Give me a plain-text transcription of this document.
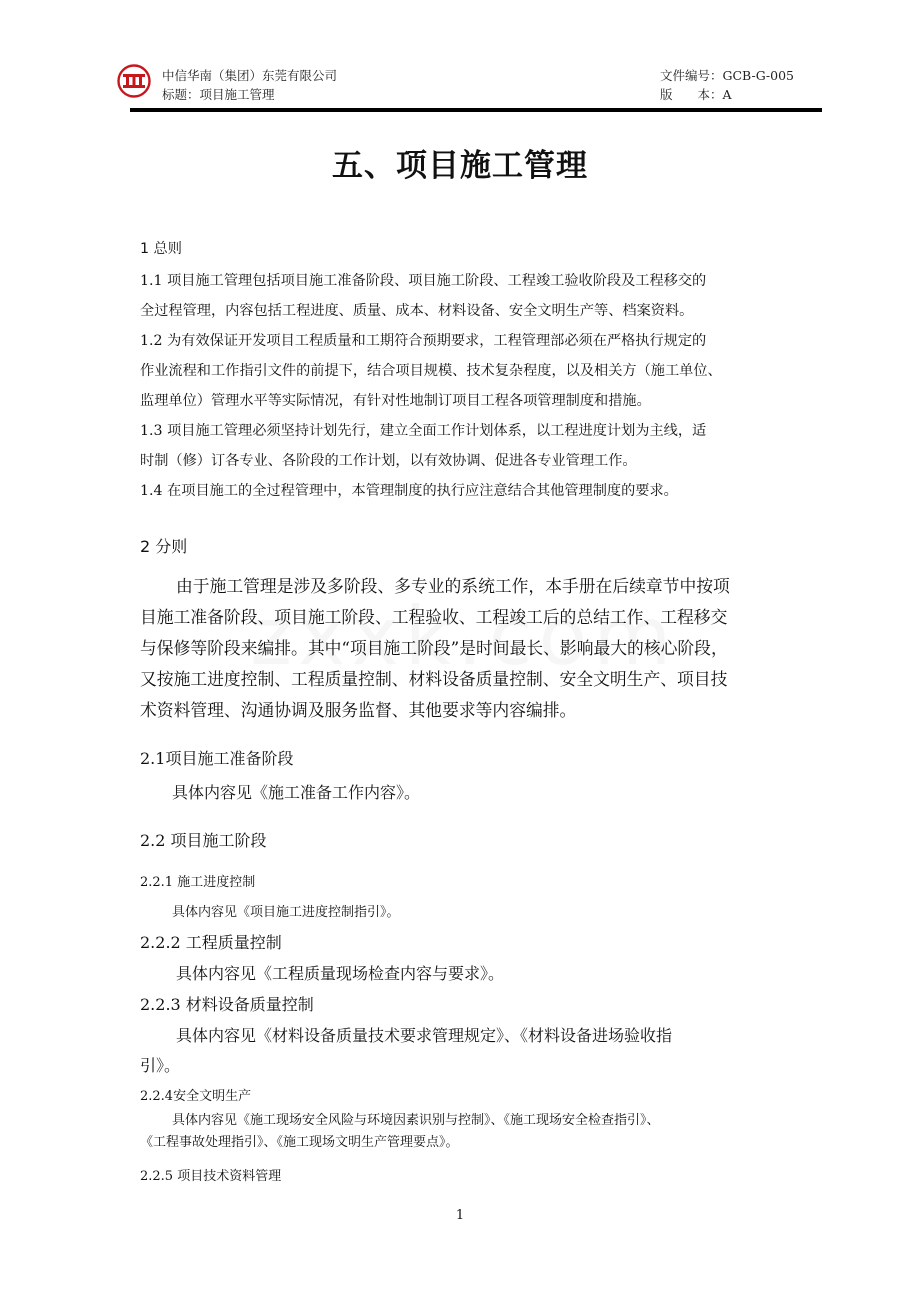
中信华南（集团）东莞有限公司
标题：项目施工管理
文件编号：GCB-G-005
版　　本：A
五、项目施工管理
1 总则
1.1 项目施工管理包括项目施工准备阶段、项目施工阶段、工程竣工验收阶段及工程移交的
全过程管理，内容包括工程进度、质量、成本、材料设备、安全文明生产等、档案资料。
1.2 为有效保证开发项目工程质量和工期符合预期要求，工程管理部必须在严格执行规定的
作业流程和工作指引文件的前提下，结合项目规模、技术复杂程度，以及相关方（施工单位、
监理单位）管理水平等实际情况，有针对性地制订项目工程各项管理制度和措施。
1.3 项目施工管理必须坚持计划先行，建立全面工作计划体系，以工程进度计划为主线，适
时制（修）订各专业、各阶段的工作计划，以有效协调、促进各专业管理工作。
1.4 在项目施工的全过程管理中，本管理制度的执行应注意结合其他管理制度的要求。
2 分则
由于施工管理是涉及多阶段、多专业的系统工作，本手册在后续章节中按项
目施工准备阶段、项目施工阶段、工程验收、工程竣工后的总结工作、工程移交
与保修等阶段来编排。其中“项目施工阶段”是时间最长、影响最大的核心阶段，
又按施工进度控制、工程质量控制、材料设备质量控制、安全文明生产、项目技
术资料管理、沟通协调及服务监督、其他要求等内容编排。
2.1项目施工准备阶段
具体内容见《施工准备工作内容》。
2.2 项目施工阶段
2.2.1 施工进度控制
具体内容见《项目施工进度控制指引》。
2.2.2 工程质量控制
具体内容见《工程质量现场检查内容与要求》。
2.2.3 材料设备质量控制
具体内容见《材料设备质量技术要求管理规定》、《材料设备进场验收指
引》。
2.2.4安全文明生产
具体内容见《施工现场安全风险与环境因素识别与控制》、《施工现场安全检查指引》、
《工程事故处理指引》、《施工现场文明生产管理要点》。
2.2.5 项目技术资料管理
1
